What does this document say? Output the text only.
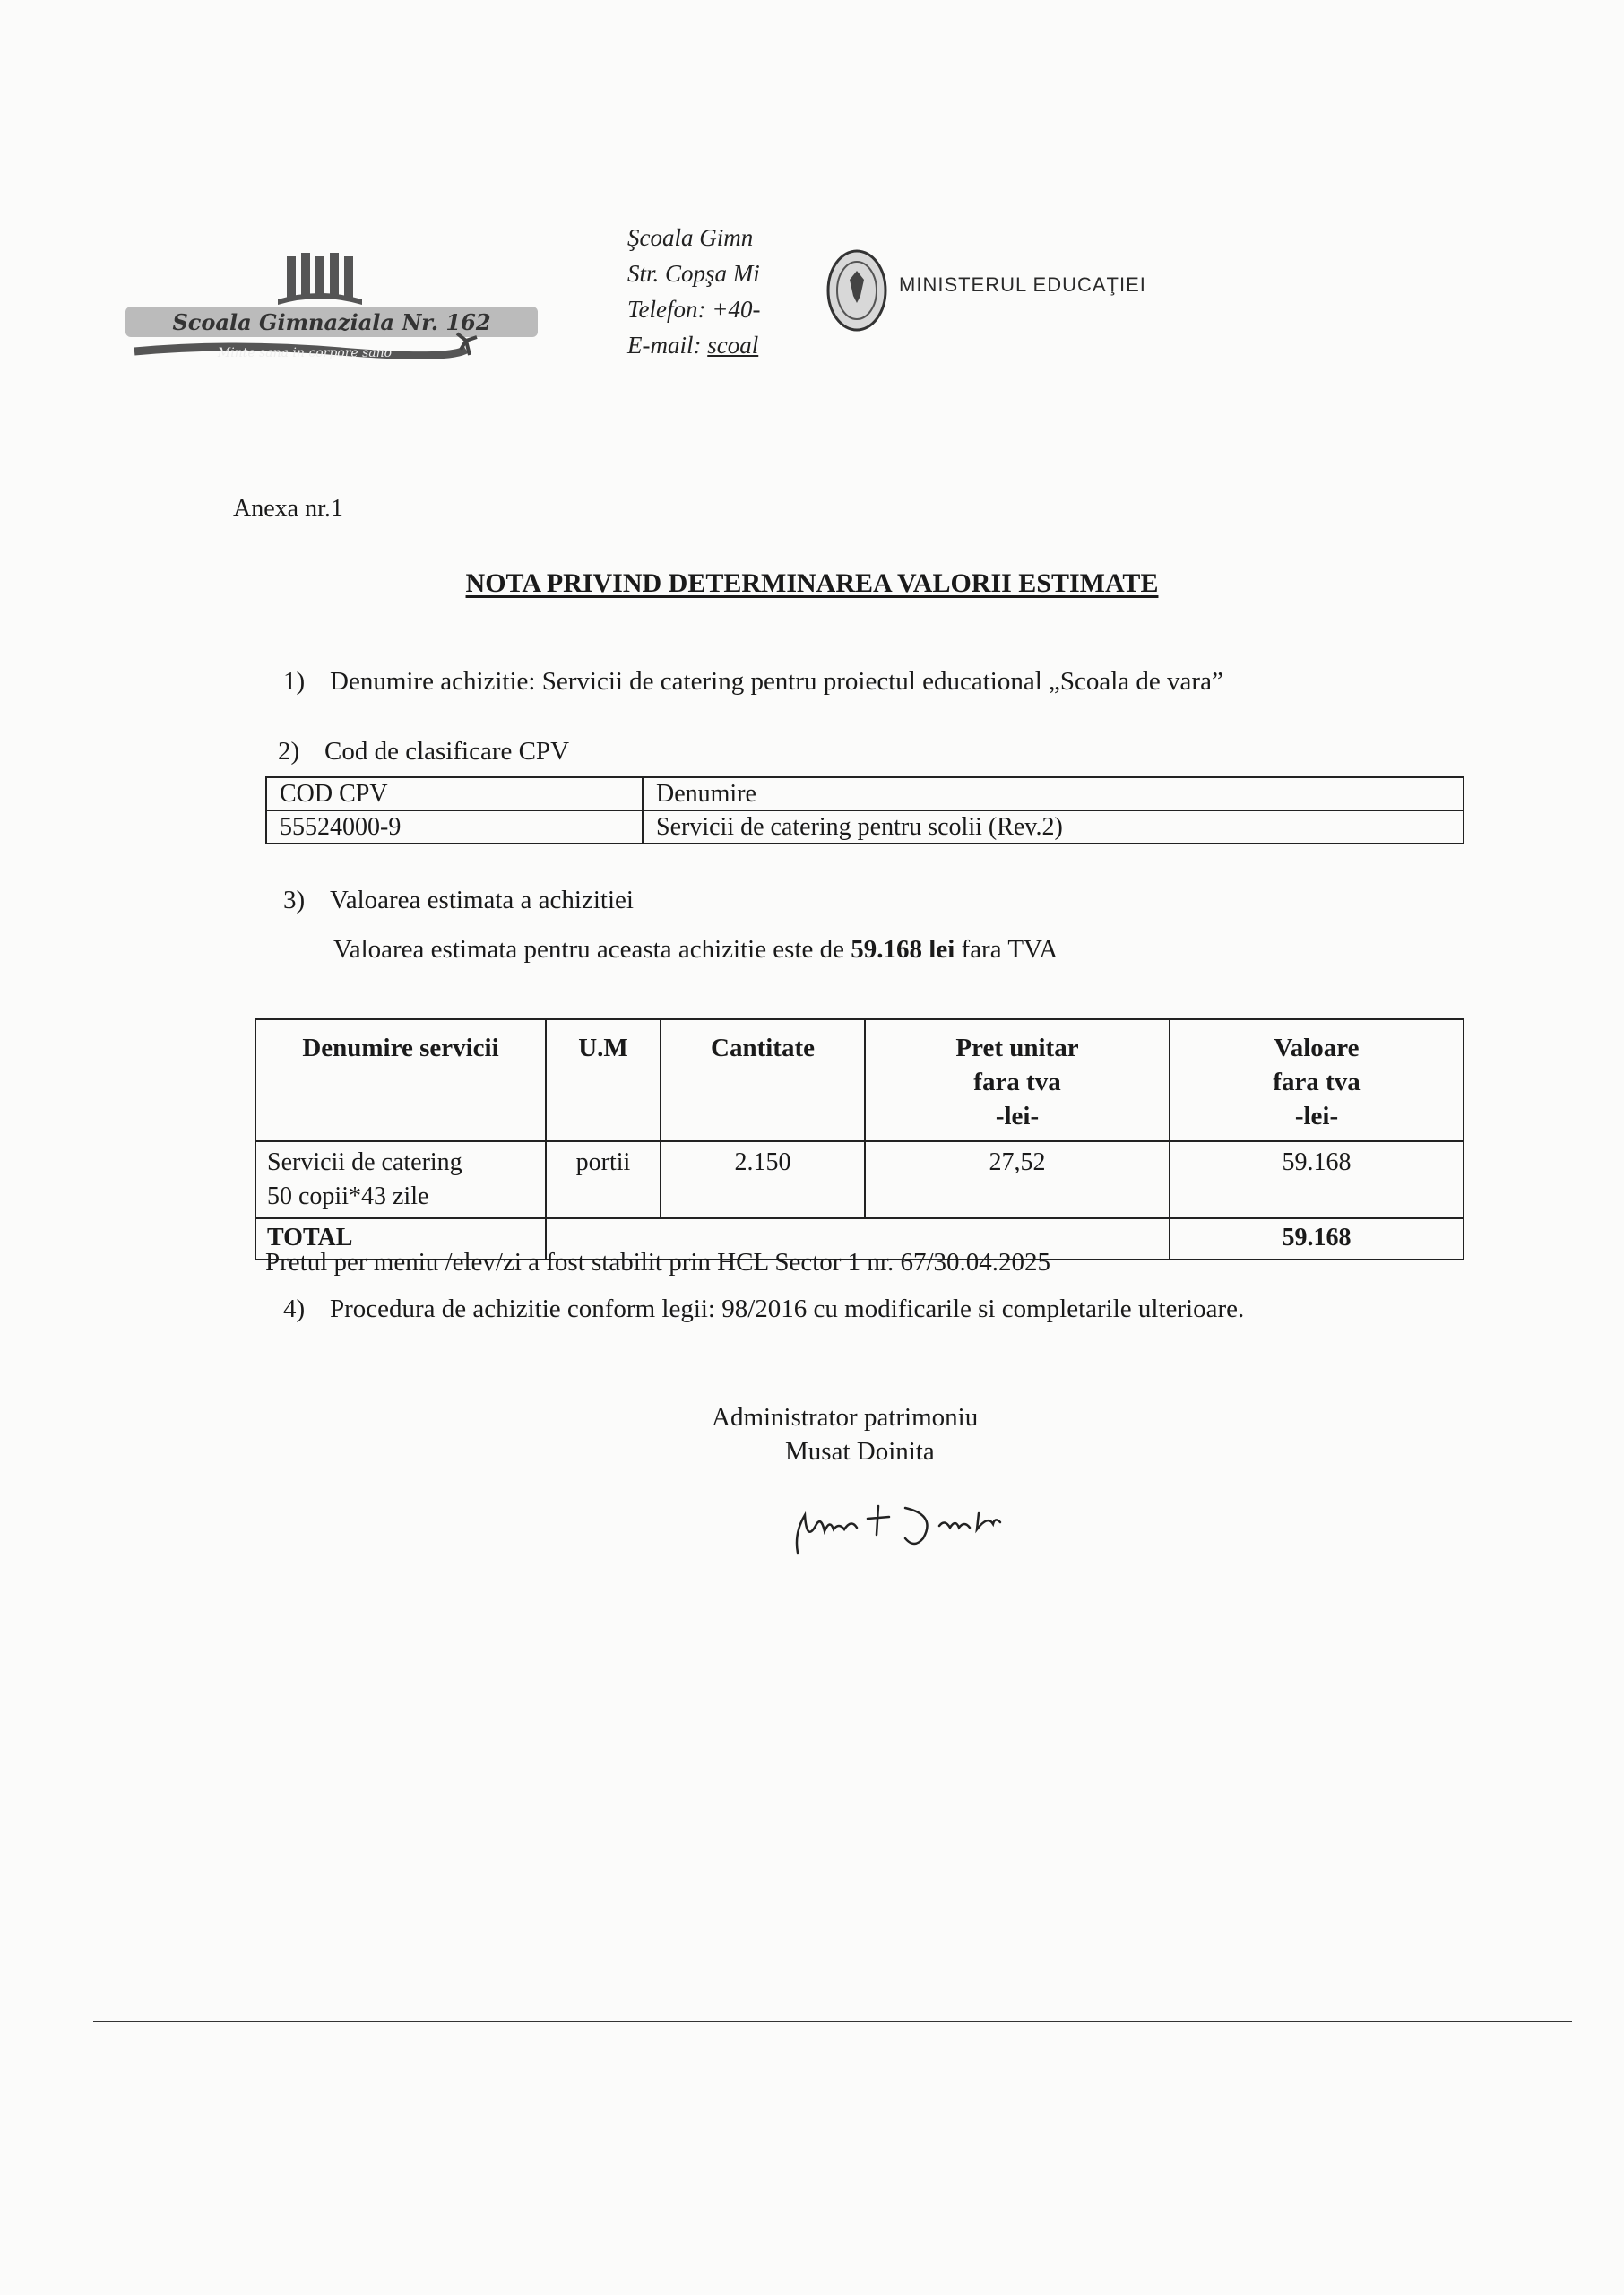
Scoala Gimnaziala Nr. 162
Minte sana in corpore sano
Şcoala Gimn
Str. Copşa Mi
Telefon: +40-
E-mail: scoal
MINISTERUL EDUCAŢIEI
Anexa nr.1
NOTA PRIVIND DETERMINAREA VALORII ESTIMATE
1) Denumire achizitie: Servicii de catering pentru proiectul educational „Scoala de vara”
2) Cod de clasificare CPV
COD CPV	Denumire
55524000-9	Servicii de catering pentru scolii (Rev.2)
3) Valoarea estimata a achizitiei
Valoarea estimata pentru aceasta achizitie este de 59.168 lei fara TVA
Denumire servicii	U.M	Cantitate	Pret unitar
fara tva
-lei-	Valoare
fara tva
-lei-

Servicii de catering
50 copii*43 zile	portii	2.150	27,52	59.168
TOTAL				59.168
Pretul per meniu /elev/zi a fost stabilit prin HCL Sector 1 nr. 67/30.04.2025
4) Procedura de achizitie conform legii: 98/2016 cu modificarile si completarile ulterioare.
Administrator patrimoniu
Musat Doinita
